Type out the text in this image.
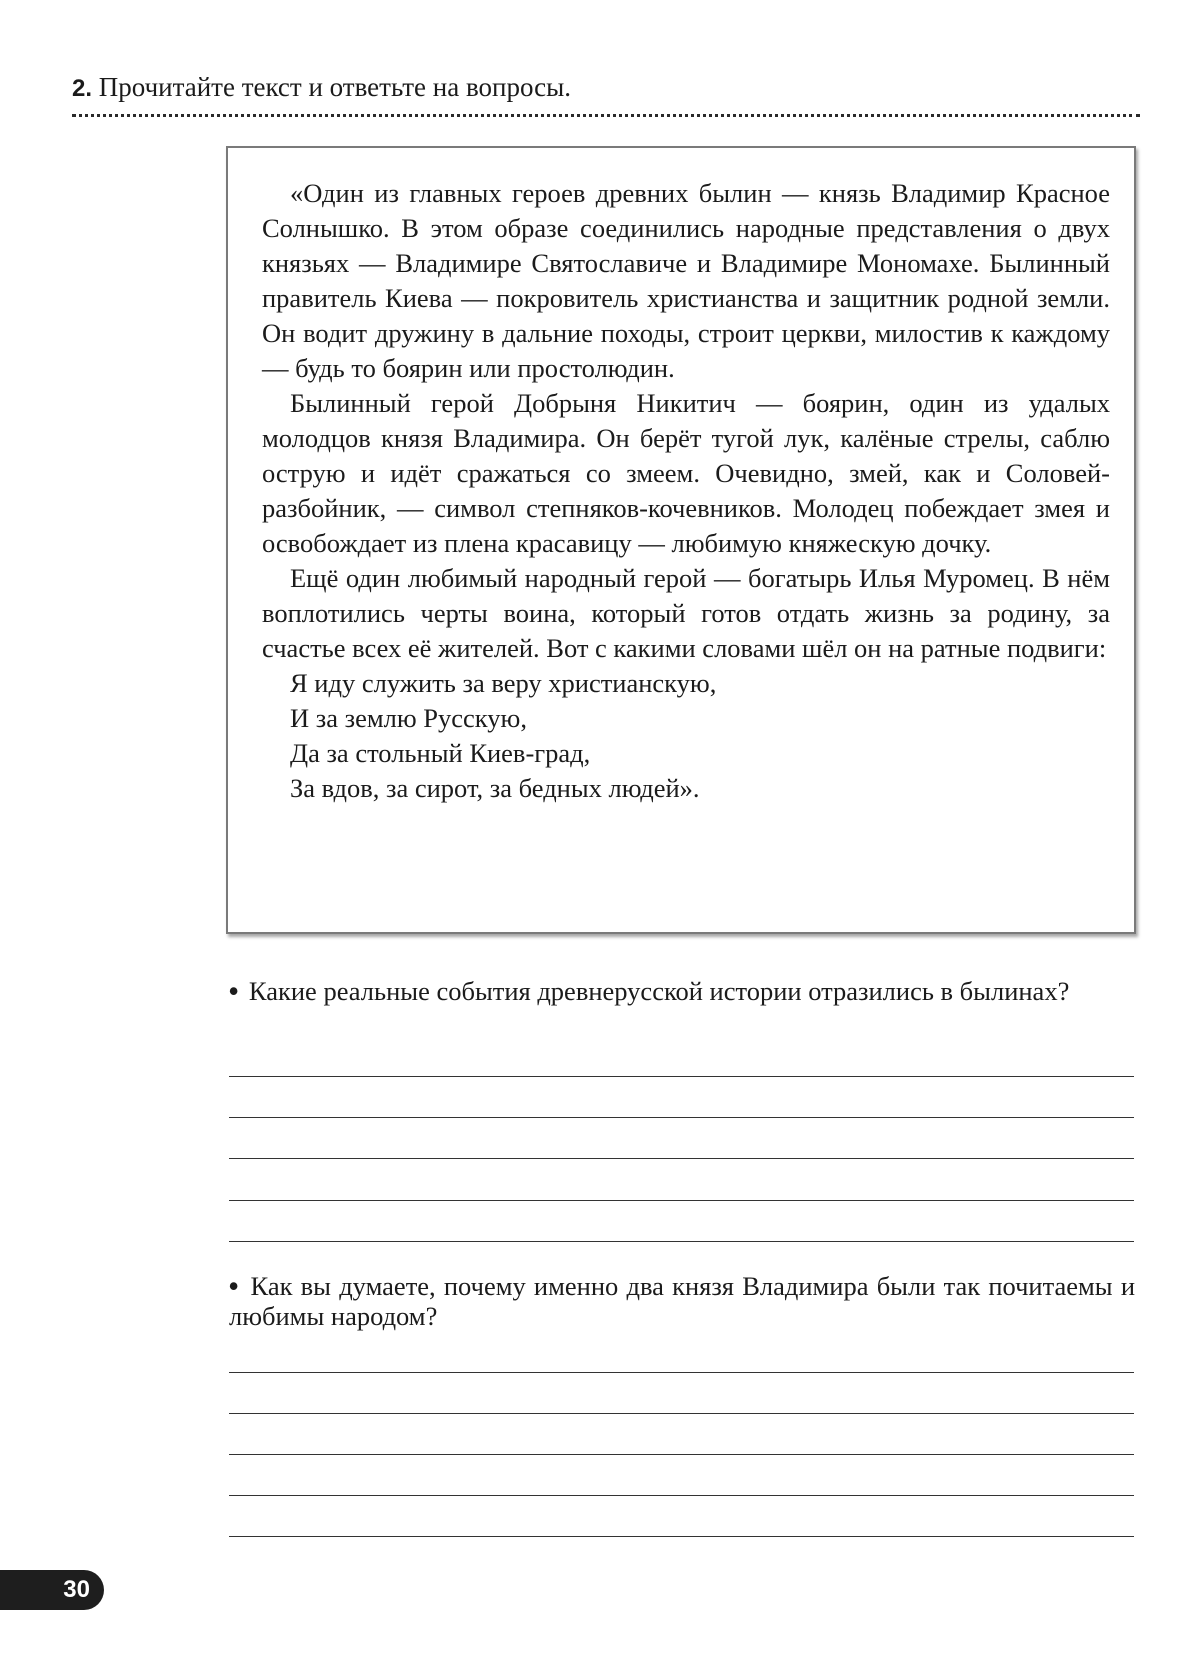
2. Прочитайте текст и ответьте на вопросы.

«Один из главных героев древних былин — князь Владимир Красное Солнышко. В этом образе соединились народные представления о двух князьях — Владимире Святославиче и Владимире Мономахе. Былинный правитель Киева — покровитель христианства и защитник родной земли. Он водит дружину в дальние походы, строит церкви, милостив к каждому — будь то боярин или простолюдин.

Былинный герой Добрыня Никитич — боярин, один из удалых молодцов князя Владимира. Он берёт тугой лук, калёные стрелы, саблю острую и идёт сражаться со змеем. Очевидно, змей, как и Соловей-разбойник, — символ степняков-кочевников. Молодец побеждает змея и освобождает из плена красавицу — любимую княжескую дочку.

Ещё один любимый народный герой — богатырь Илья Муромец. В нём воплотились черты воина, который готов отдать жизнь за родину, за счастье всех её жителей. Вот с какими словами шёл он на ратные подвиги:

Я иду служить за веру христианскую,

И за землю Русскую,

Да за стольный Киев-град,

За вдов, за сирот, за бедных людей».

• Какие реальные события древнерусской истории отразились в былинах?
• Как вы думаете, почему именно два князя Владимира были так почитаемы и любимы народом?
30
